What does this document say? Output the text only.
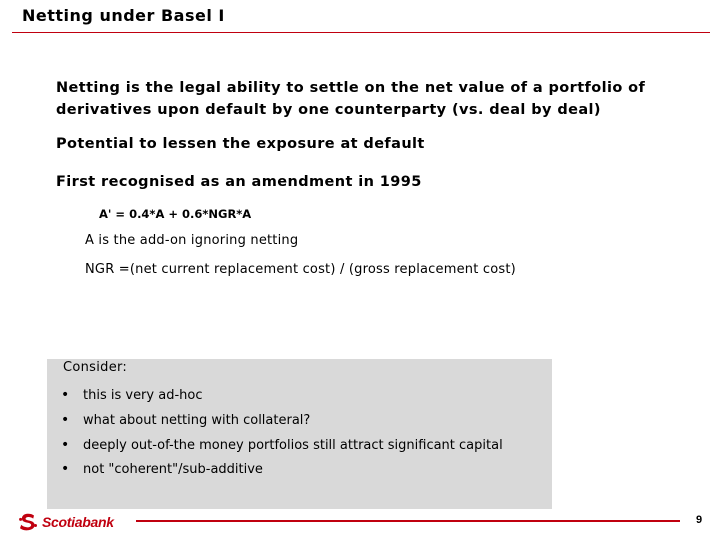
Netting under Basel I
Netting is the legal ability to settle on the net value of a portfolio of derivatives upon default by one counterparty (vs. deal by deal)
Potential to lessen the exposure at default
First recognised as an amendment in 1995
A' = 0.4*A + 0.6*NGR*A
A is the add-on ignoring netting
NGR =(net current replacement cost) / (gross replacement cost)
Consider:
•	this is very ad-hoc
•	what about netting with collateral?
•	deeply out-of-the money portfolios still attract significant capital
•	not "coherent"/sub-additive
Scotiabank	9
